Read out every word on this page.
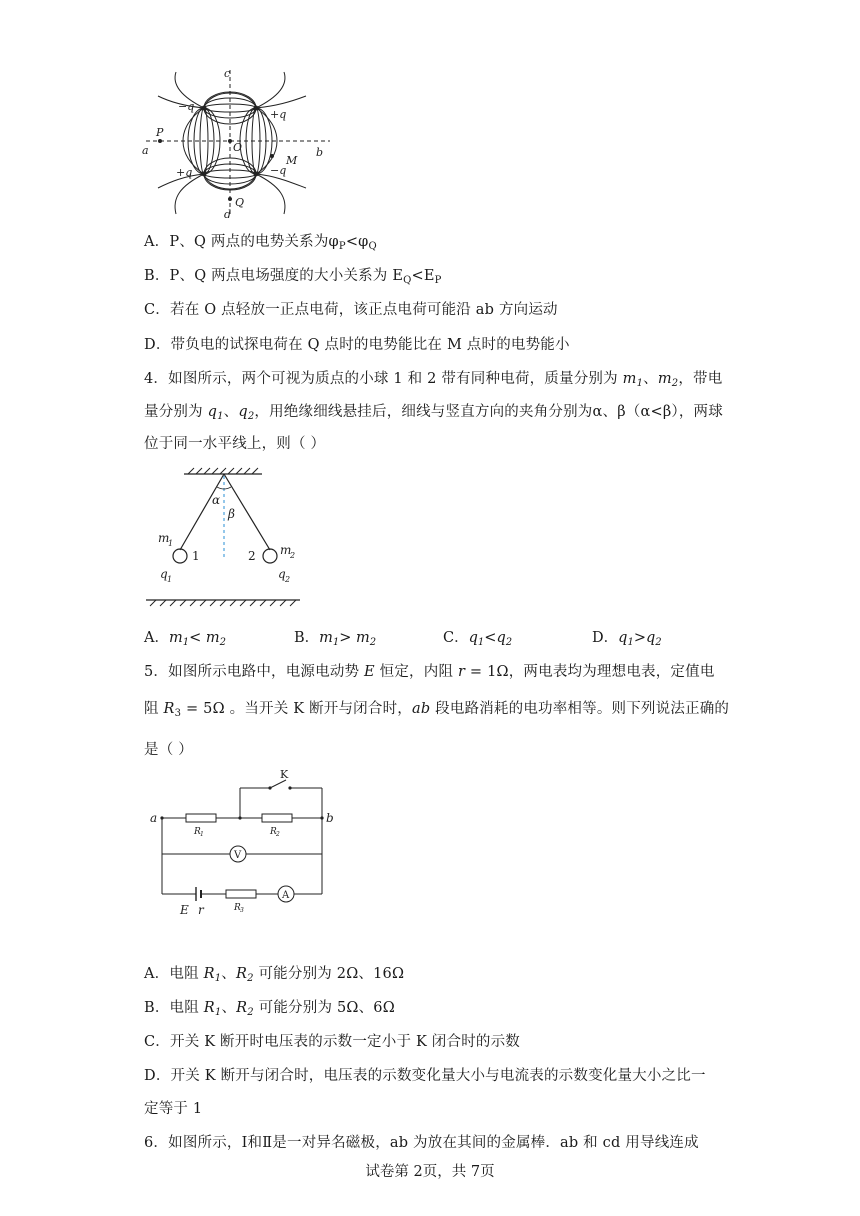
c
d
a	b
P
O
M
Q
−q
+q
+q	−q
A．P、Q 两点的电势关系为$\varphi_P<\varphi_Q$
B．P、Q 两点电场强度的大小关系为 $E_Q<E_P$
C．若在 O 点轻放一正点电荷，该正点电荷可能沿 ab 方向运动
D．带负电的试探电荷在 Q 点时的电势能比在 M 点时的电势能小
4．如图所示，两个可视为质点的小球 1 和 2 带有同种电荷，质量分别为 $m_1$、$m_2$，带电
量分别为 $q_1$、$q_2$，用绝缘细线悬挂后，细线与竖直方向的夹角分别为α、β（α<β），两球
位于同一水平线上，则（ ）
α
β
m
1
q 1
1	2 m
2
q 2
A．$m_1< m_2$	B．$m_1> m_2$	C．$q_1<q_2$	D．$q_1>q_2$
5．如图所示电路中，电源电动势 E 恒定，内阻 r = 1Ω，两电表均为理想电表，定值电
阻 $R_3 = 5\Omega$ 。当开关 K 断开与闭合时，ab 段电路消耗的电功率相等。则下列说法正确的
是（ ）
K
a	b
R 1	R 2
V
A
E r	R 3
A．电阻 $R_1$、$R_2$ 可能分别为 2Ω、16Ω
B．电阻 $R_1$、$R_2$ 可能分别为 5Ω、6Ω
C．开关 K 断开时电压表的示数一定小于 K 闭合时的示数
D．开关 K 断开与闭合时，电压表的示数变化量大小与电流表的示数变化量大小之比一
定等于 1
6．如图所示，Ⅰ和Ⅱ是一对异名磁极，ab 为放在其间的金属棒．ab 和 cd 用导线连成
试卷第 2页，共 7页
